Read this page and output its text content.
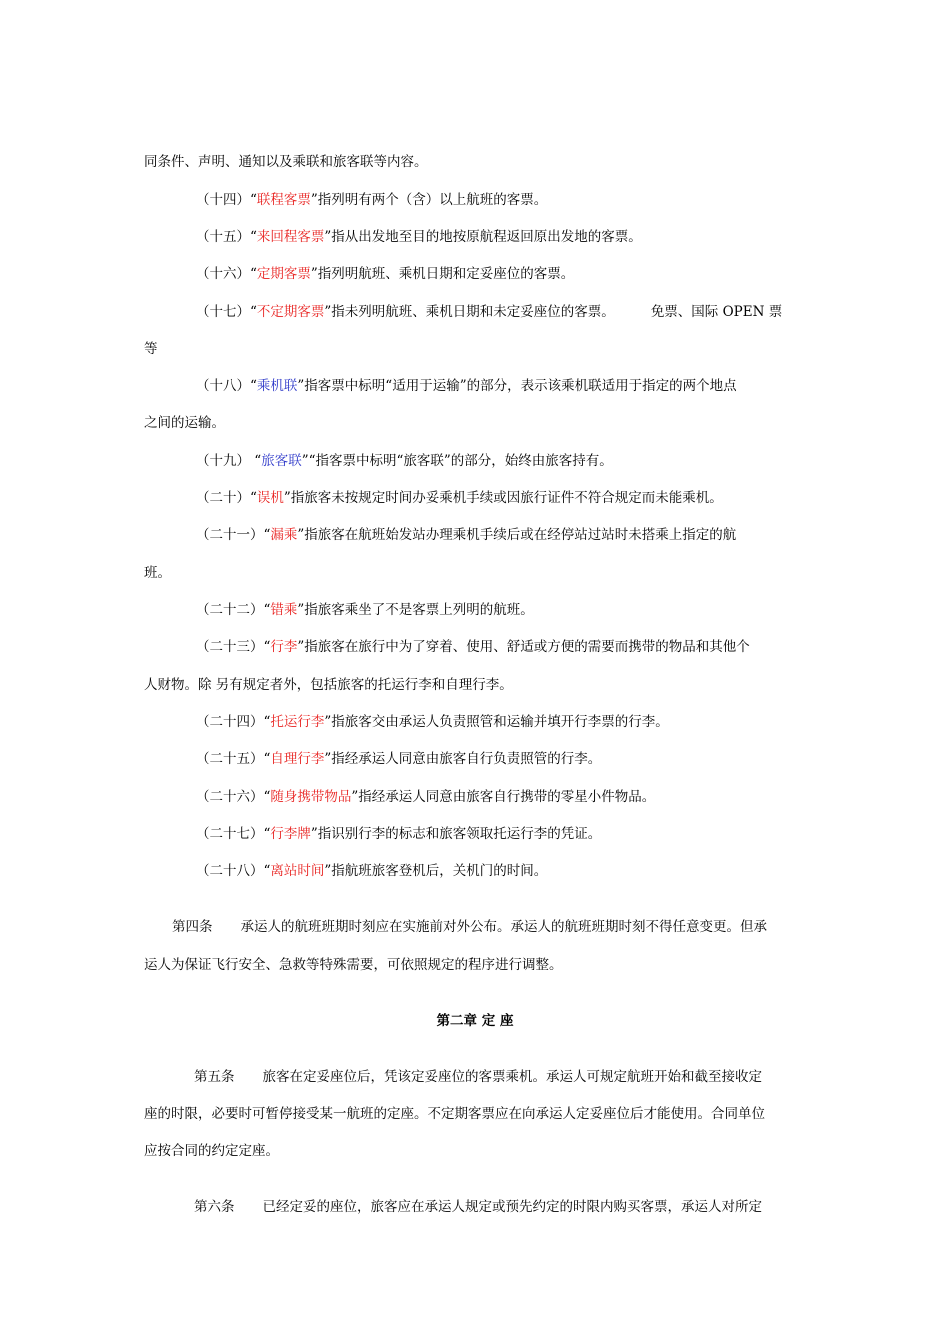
同条件、声明、通知以及乘联和旅客联等内容。
（十四）“联程客票”指列明有两个（含）以上航班的客票。
（十五）“来回程客票”指从出发地至目的地按原航程返回原出发地的客票。
（十六）“定期客票”指列明航班、乘机日期和定妥座位的客票。
（十七）“不定期客票”指未列明航班、乘机日期和未定妥座位的客票。	免票、国际 OPEN 票
等
（十八）“乘机联”指客票中标明“适用于运输”的部分，表示该乘机联适用于指定的两个地点
之间的运输。
（十九） “旅客联”“指客票中标明“旅客联”的部分，始终由旅客持有。
（二十）“误机”指旅客未按规定时间办妥乘机手续或因旅行证件不符合规定而未能乘机。
（二十一）“漏乘”指旅客在航班始发站办理乘机手续后或在经停站过站时未搭乘上指定的航
班。
（二十二）“错乘”指旅客乘坐了不是客票上列明的航班。
（二十三）“行李”指旅客在旅行中为了穿着、使用、舒适或方便的需要而携带的物品和其他个
人财物。除 另有规定者外，包括旅客的托运行李和自理行李。
（二十四）“托运行李”指旅客交由承运人负责照管和运输并填开行李票的行李。
（二十五）“自理行李”指经承运人同意由旅客自行负责照管的行李。
（二十六）“随身携带物品”指经承运人同意由旅客自行携带的零星小件物品。
（二十七）“行李牌”指识别行李的标志和旅客领取托运行李的凭证。
（二十八）“离站时间”指航班旅客登机后，关机门的时间。
第四条 承运人的航班班期时刻应在实施前对外公布。承运人的航班班期时刻不得任意变更。但承
运人为保证飞行安全、急救等特殊需要，可依照规定的程序进行调整。
第二章 定 座
第五条 旅客在定妥座位后，凭该定妥座位的客票乘机。承运人可规定航班开始和截至接收定
座的时限，必要时可暂停接受某一航班的定座。不定期客票应在向承运人定妥座位后才能使用。合同单位
应按合同的约定定座。
第六条 已经定妥的座位，旅客应在承运人规定或预先约定的时限内购买客票，承运人对所定
